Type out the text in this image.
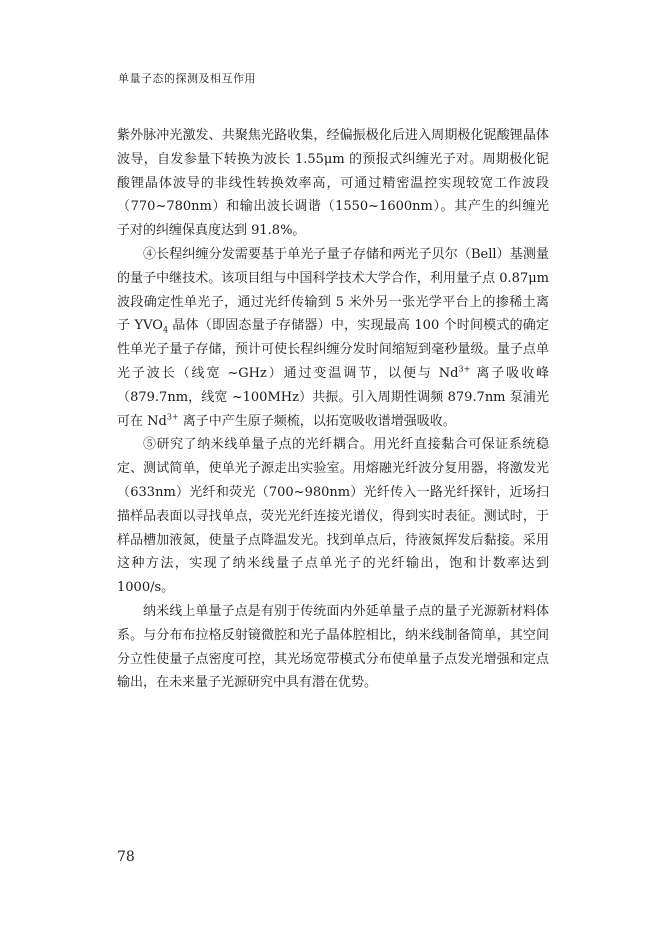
单量子态的探测及相互作用

紫外脉冲光激发、共聚焦光路收集，经偏振极化后进入周期极化铌酸锂晶体波导，自发参量下转换为波长 1.55μm 的预报式纠缠光子对。周期极化铌酸锂晶体波导的非线性转换效率高，可通过精密温控实现较宽工作波段（770~780nm）和输出波长调谐（1550~1600nm）。其产生的纠缠光子对的纠缠保真度达到 91.8%。

④长程纠缠分发需要基于单光子量子存储和两光子贝尔（Bell）基测量的量子中继技术。该项目组与中国科学技术大学合作，利用量子点 0.87μm 波段确定性单光子，通过光纤传输到 5 米外另一张光学平台上的掺稀土离子 $YVO_4$ 晶体（即固态量子存储器）中，实现最高 100 个时间模式的确定性单光子量子存储，预计可使长程纠缠分发时间缩短到毫秒量级。量子点单光子波长（线宽 ~GHz）通过变温调节，以便与 $Nd^{3+}$ 离子吸收峰（879.7nm，线宽 ~100MHz）共振。引入周期性调频 879.7nm 泵浦光可在 $Nd^{3+}$ 离子中产生原子频梳，以拓宽吸收谱增强吸收。

⑤研究了纳米线单量子点的光纤耦合。用光纤直接黏合可保证系统稳定、测试简单，使单光子源走出实验室。用熔融光纤波分复用器，将激发光（633nm）光纤和荧光（700~980nm）光纤传入一路光纤探针，近场扫描样品表面以寻找单点，荧光光纤连接光谱仪，得到实时表征。测试时，于样品槽加液氮，使量子点降温发光。找到单点后，待液氮挥发后黏接。采用这种方法，实现了纳米线量子点单光子的光纤输出，饱和计数率达到 1000/s。

纳米线上单量子点是有别于传统面内外延单量子点的量子光源新材料体系。与分布布拉格反射镜微腔和光子晶体腔相比，纳米线制备简单，其空间分立性使量子点密度可控，其光场宽带模式分布使单量子点发光增强和定点输出，在未来量子光源研究中具有潜在优势。

78
